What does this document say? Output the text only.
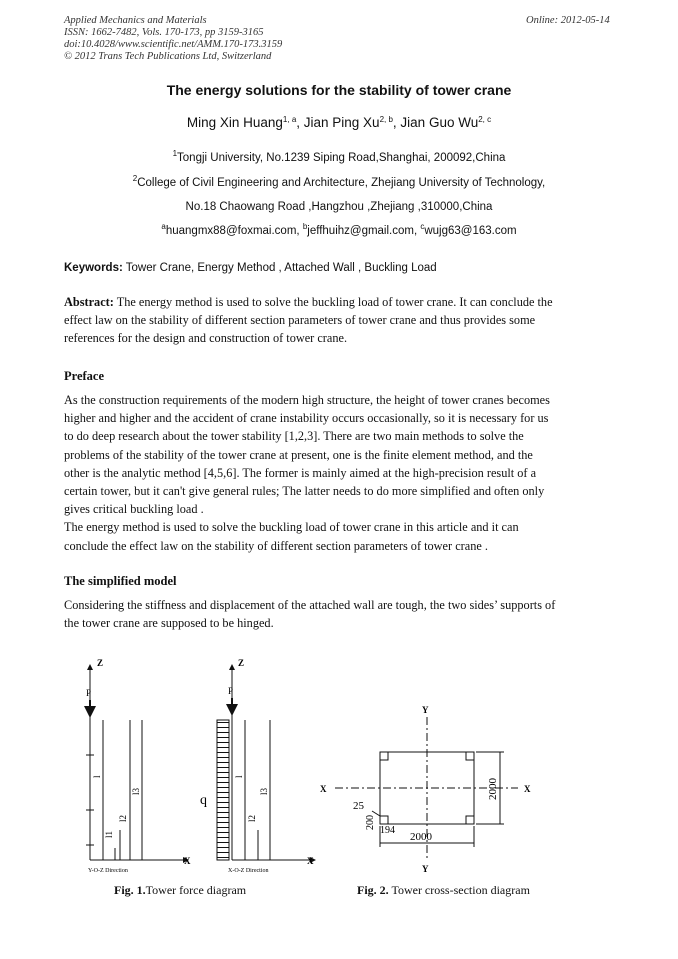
Applied Mechanics and Materials
ISSN: 1662-7482, Vols. 170-173, pp 3159-3165
doi:10.4028/www.scientific.net/AMM.170-173.3159
© 2012 Trans Tech Publications Ltd, Switzerland
Online: 2012-05-14
The energy solutions for the stability of tower crane
Ming Xin Huang$^{1, a}$, Jian Ping Xu$^{2, b}$, Jian Guo Wu$^{2, c}$
$^1$Tongji University, No.1239 Siping Road,Shanghai, 200092,China
$^2$College of Civil Engineering and Architecture, Zhejiang University of Technology,
No.18 Chaowang Road ,Hangzhou ,Zhejiang ,310000,China
$^a$huangmx88@foxmai.com, $^b$jeffhuihz@gmail.com, $^c$wujg63@163.com
Keywords: Tower Crane, Energy Method , Attached Wall , Buckling Load
Abstract: The energy method is used to solve the buckling load of tower crane. It can conclude the
effect law on the stability of different section parameters of tower crane and thus provides some
references for the design and construction of tower crane.
Preface
As the construction requirements of the modern high structure, the height of tower cranes becomes
higher and higher and the accident of crane instability occurs occasionally, so it is necessary for us
to do deep research about the tower stability [1,2,3]. There are two main methods to solve the
problems of the stability of the tower crane at present, one is the finite element method, and the
other is the analytic method [4,5,6]. The former is mainly aimed at the high-precision result of a
certain tower, but it can't give general rules; The latter needs to do more simplified and often only
gives critical buckling load .
The energy method is used to solve the buckling load of tower crane in this article and it can
conclude the effect law on the stability of different section parameters of tower crane .
The simplified model
Considering the stiffness and displacement of the attached wall are tough, the two sides’ supports of
the tower crane are supposed to be hinged.
Z
P
X
l
l1
l2
l3
Y-O-Z Direction
Z
P
X
q
l
l2
l3
X-O-Z Direction
Y
Y
X	X
2000
2000
25
200
194
Fig. 1.Tower force diagram	Fig. 2. Tower cross-section diagram
